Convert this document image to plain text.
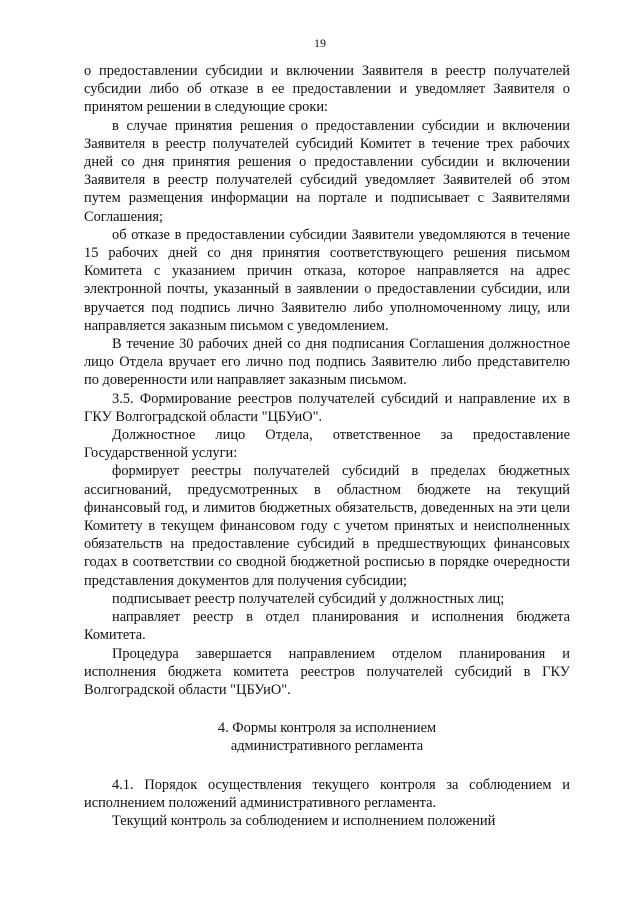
19

о предоставлении субсидии и включении Заявителя в реестр получателей субсидии либо об отказе в ее предоставлении и уведомляет Заявителя о принятом решении в следующие сроки:

в случае принятия решения о предоставлении субсидии и включении Заявителя в реестр получателей субсидий Комитет в течение трех рабочих дней со дня принятия решения о предоставлении субсидии и включении Заявителя в реестр получателей субсидий уведомляет Заявителей об этом путем размещения информации на портале и подписывает с Заявителями Соглашения;

об отказе в предоставлении субсидии Заявители уведомляются в течение 15 рабочих дней со дня принятия соответствующего решения письмом Комитета с указанием причин отказа, которое направляется на адрес электронной почты, указанный в заявлении о предоставлении субсидии, или вручается под подпись лично Заявителю либо уполномоченному лицу, или направляется заказным письмом с уведомлением.

В течение 30 рабочих дней со дня подписания Соглашения должностное лицо Отдела вручает его лично под подпись Заявителю либо представителю по доверенности или направляет заказным письмом.

3.5. Формирование реестров получателей субсидий и направление их в ГКУ Волгоградской области "ЦБУиО".

Должностное лицо Отдела, ответственное за предоставление Государственной услуги:

формирует реестры получателей субсидий в пределах бюджетных ассигнований, предусмотренных в областном бюджете на текущий финансовый год, и лимитов бюджетных обязательств, доведенных на эти цели Комитету в текущем финансовом году с учетом принятых и неисполненных обязательств на предоставление субсидий в предшествующих финансовых годах в соответствии со сводной бюджетной росписью в порядке очередности представления документов для получения субсидии;

подписывает реестр получателей субсидий у должностных лиц;

направляет реестр в отдел планирования и исполнения бюджета Комитета.

Процедура завершается направлением отделом планирования и исполнения бюджета комитета реестров получателей субсидий в ГКУ Волгоградской области "ЦБУиО".

4. Формы контроля за исполнением
административного регламента

4.1. Порядок осуществления текущего контроля за соблюдением и исполнением положений административного регламента.

Текущий контроль за соблюдением и исполнением положений
